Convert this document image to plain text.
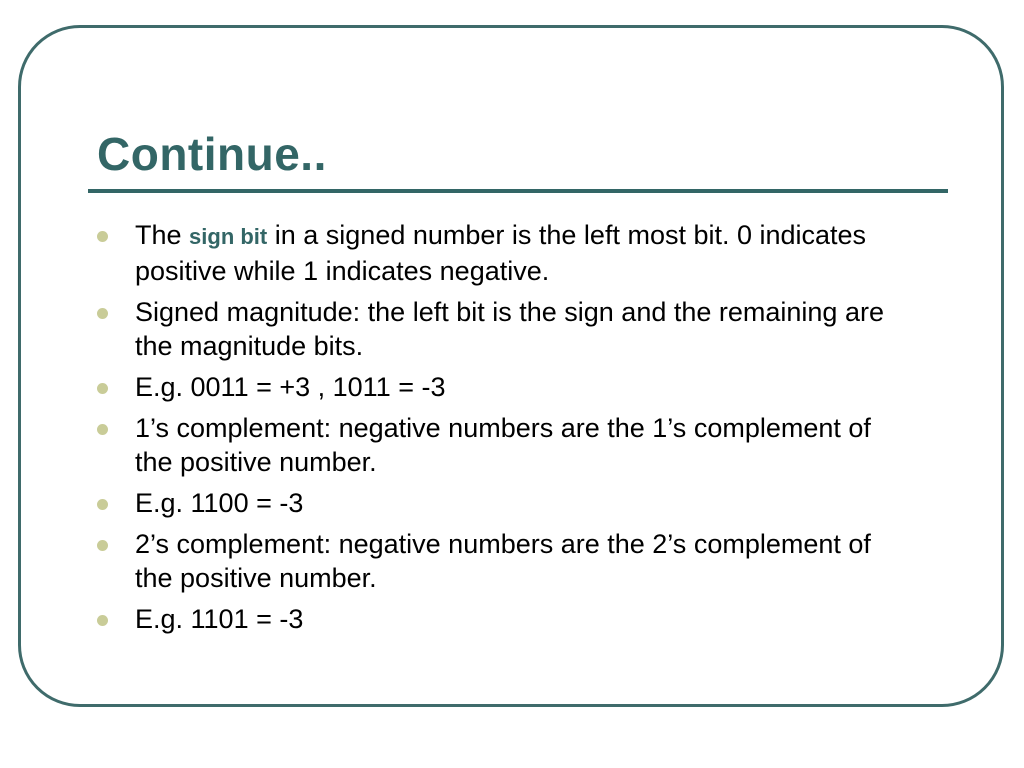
Continue..
The sign bit in a signed number is the left most bit. 0 indicates positive while 1 indicates negative.
Signed magnitude: the left bit is the sign and the remaining are the magnitude bits.
E.g. 0011 = +3 , 1011 = -3
1’s complement: negative numbers are the 1’s complement of the positive number.
E.g. 1100 = -3
2’s complement: negative numbers are the 2’s complement of the positive number.
E.g. 1101 = -3
